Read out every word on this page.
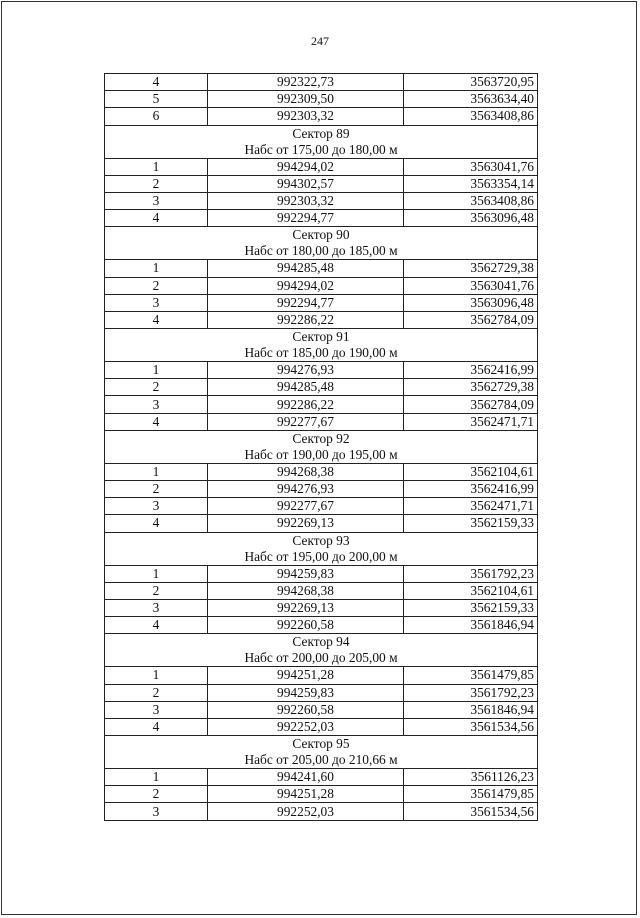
247
4	992322,73	3563720,95
5	992309,50	3563634,40
6	992303,32	3563408,86

Сектор 89
Набс от 175,00 до 180,00 м		

1	994294,02	3563041,76
2	994302,57	3563354,14
3	992303,32	3563408,86
4	992294,77	3563096,48

Сектор 90
Набс от 180,00 до 185,00 м		

1	994285,48	3562729,38
2	994294,02	3563041,76
3	992294,77	3563096,48
4	992286,22	3562784,09

Сектор 91
Набс от 185,00 до 190,00 м		

1	994276,93	3562416,99
2	994285,48	3562729,38
3	992286,22	3562784,09
4	992277,67	3562471,71

Сектор 92
Набс от 190,00 до 195,00 м		

1	994268,38	3562104,61
2	994276,93	3562416,99
3	992277,67	3562471,71
4	992269,13	3562159,33

Сектор 93
Набс от 195,00 до 200,00 м		

1	994259,83	3561792,23
2	994268,38	3562104,61
3	992269,13	3562159,33
4	992260,58	3561846,94

Сектор 94
Набс от 200,00 до 205,00 м		

1	994251,28	3561479,85
2	994259,83	3561792,23
3	992260,58	3561846,94
4	992252,03	3561534,56

Сектор 95
Набс от 205,00 до 210,66 м		

1	994241,60	3561126,23
2	994251,28	3561479,85
3	992252,03	3561534,56
